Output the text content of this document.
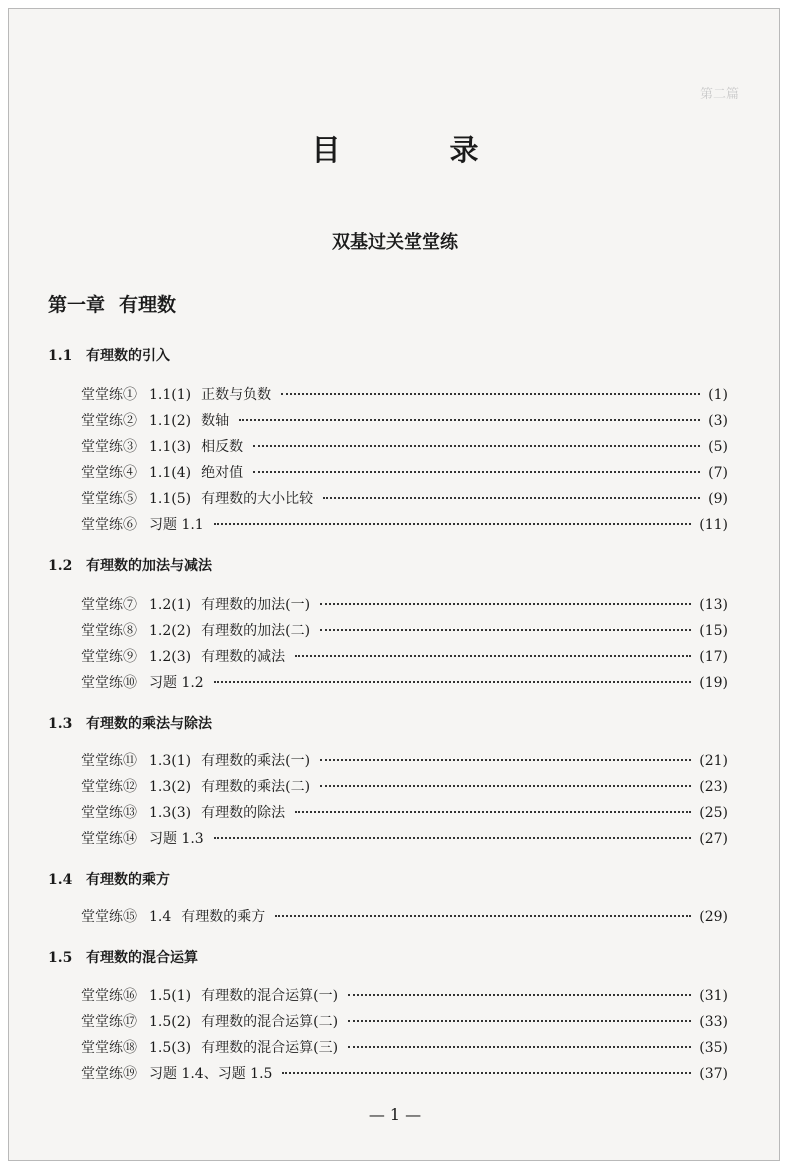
第二篇
目　录
双基过关堂堂练
第一章 有理数
1.1 有理数的引入
堂堂练① 1.1(1) 正数与负数	(1)
堂堂练② 1.1(2) 数轴	(3)
堂堂练③ 1.1(3) 相反数	(5)
堂堂练④ 1.1(4) 绝对值	(7)
堂堂练⑤ 1.1(5) 有理数的大小比较	(9)
堂堂练⑥ 习题 1.1	(11)
1.2 有理数的加法与减法
堂堂练⑦ 1.2(1) 有理数的加法(一)	(13)
堂堂练⑧ 1.2(2) 有理数的加法(二)	(15)
堂堂练⑨ 1.2(3) 有理数的减法	(17)
堂堂练⑩ 习题 1.2	(19)
1.3 有理数的乘法与除法
堂堂练⑪ 1.3(1) 有理数的乘法(一)	(21)
堂堂练⑫ 1.3(2) 有理数的乘法(二)	(23)
堂堂练⑬ 1.3(3) 有理数的除法	(25)
堂堂练⑭ 习题 1.3	(27)
1.4 有理数的乘方
堂堂练⑮ 1.4 有理数的乘方	(29)
1.5 有理数的混合运算
堂堂练⑯ 1.5(1) 有理数的混合运算(一)	(31)
堂堂练⑰ 1.5(2) 有理数的混合运算(二)	(33)
堂堂练⑱ 1.5(3) 有理数的混合运算(三)	(35)
堂堂练⑲ 习题 1.4、习题 1.5	(37)
— 1 —
